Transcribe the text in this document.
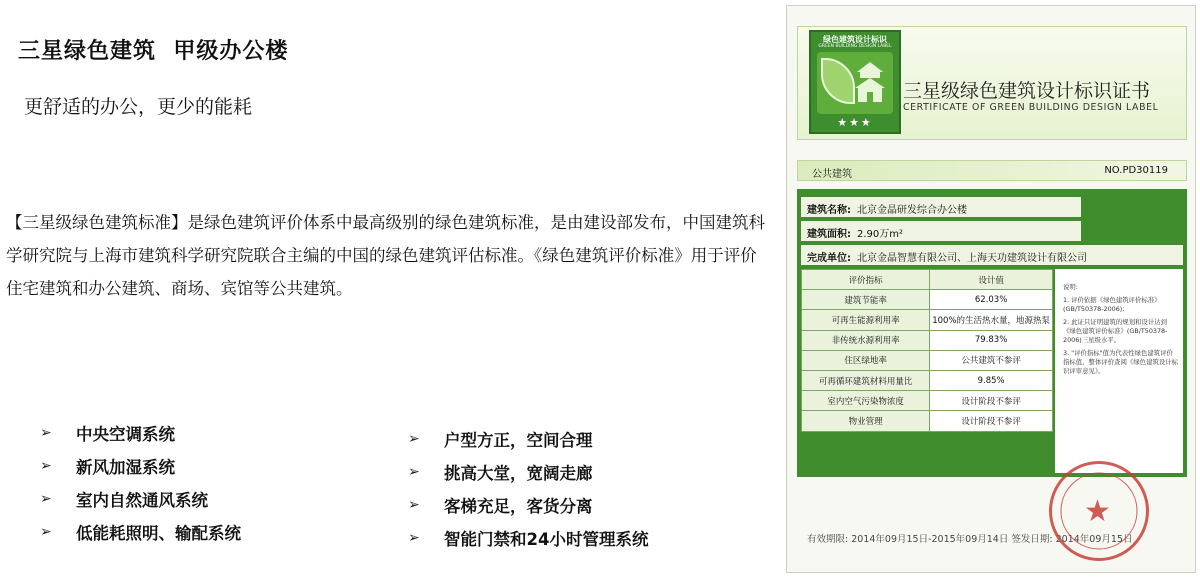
三星绿色建筑  甲级办公楼
更舒适的办公，更少的能耗
【三星级绿色建筑标准】是绿色建筑评价体系中最高级别的绿色建筑标准，是由建设部发布，中国建筑科学研究院与上海市建筑科学研究院联合主编的中国的绿色建筑评估标准。《绿色建筑评价标准》用于评价住宅建筑和办公建筑、商场、宾馆等公共建筑。
➢	中央空调系统
➢	新风加湿系统
➢	室内自然通风系统
➢	低能耗照明、输配系统
➢	户型方正，空间合理
➢	挑高大堂，宽阔走廊
➢	客梯充足，客货分离
➢	智能门禁和24小时管理系统
绿色建筑设计标识
GREEN BUILDING DESIGN LABEL
★★★
三星级绿色建筑设计标识证书
CERTIFICATE OF GREEN BUILDING DESIGN LABEL
公共建筑	NO.PD30119
建筑名称: 北京金晶研发综合办公楼
建筑面积: 2.90万m²
完成单位: 北京金晶智慧有限公司、上海天功建筑设计有限公司
评价指标	设计值
建筑节能率	62.03%
可再生能源利用率	100%的生活热水量，地源热泵
非传统水源利用率	79.83%
住区绿地率	公共建筑不参评
可再循环建筑材料用量比	9.85%
室内空气污染物浓度	设计阶段不参评
物业管理	设计阶段不参评

说明:

1. 评价依据《绿色建筑评价标准》(GB/T50378-2006);

2. 此证只证明建筑的规划和设计达到《绿色建筑评价标准》(GB/T50378-2006)三星级水平。

3. "评价指标"值为代表性绿色建筑评价指标值，整体评价查阅《绿色建筑设计标识评审意见》。

有效期限: 2014年09月15日-2015年09月14日 签发日期: 2014年09月15日
★
